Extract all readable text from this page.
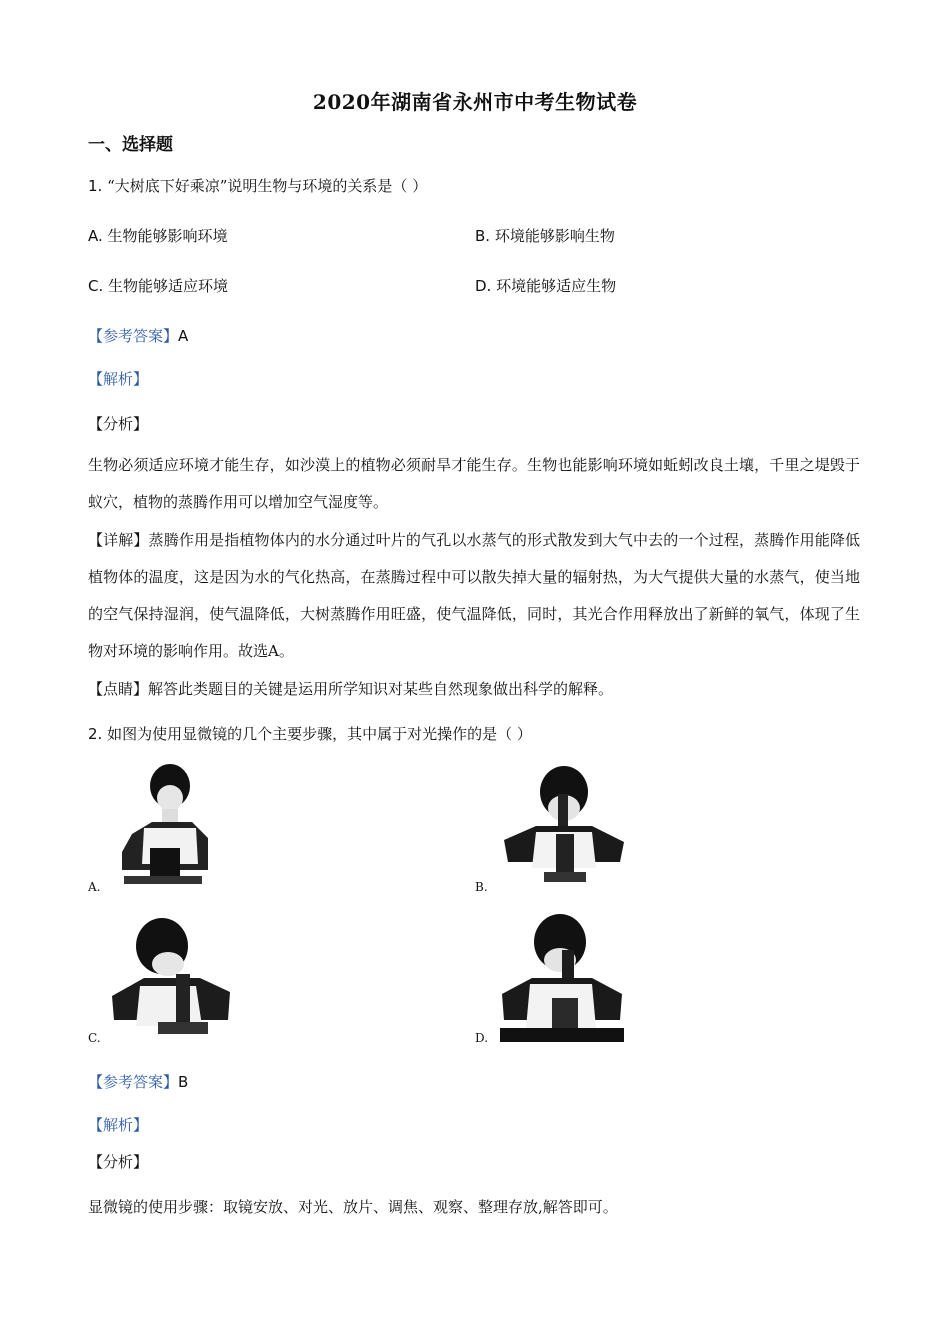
2020年湖南省永州市中考生物试卷
一、选择题
1. “大树底下好乘凉”说明生物与环境的关系是（ ）
A. 生物能够影响环境	B. 环境能够影响生物
C. 生物能够适应环境	D. 环境能够适应生物
【参考答案】A
【解析】
【分析】
生物必须适应环境才能生存，如沙漠上的植物必须耐旱才能生存。生物也能影响环境如蚯蚓改良土壤，千里之堤毁于蚁穴，植物的蒸腾作用可以增加空气湿度等。
【详解】蒸腾作用是指植物体内的水分通过叶片的气孔以水蒸气的形式散发到大气中去的一个过程，蒸腾作用能降低植物体的温度，这是因为水的气化热高，在蒸腾过程中可以散失掉大量的辐射热，为大气提供大量的水蒸气，使当地的空气保持湿润，使气温降低，大树蒸腾作用旺盛，使气温降低，同时，其光合作用释放出了新鲜的氧气，体现了生物对环境的影响作用。故选A。
【点睛】解答此类题目的关键是运用所学知识对某些自然现象做出科学的解释。
2. 如图为使用显微镜的几个主要步骤，其中属于对光操作的是（ ）
A.	B.
C.	D.
【参考答案】B
【解析】
【分析】
显微镜的使用步骤：取镜安放、对光、放片、调焦、观察、整理存放,解答即可。
